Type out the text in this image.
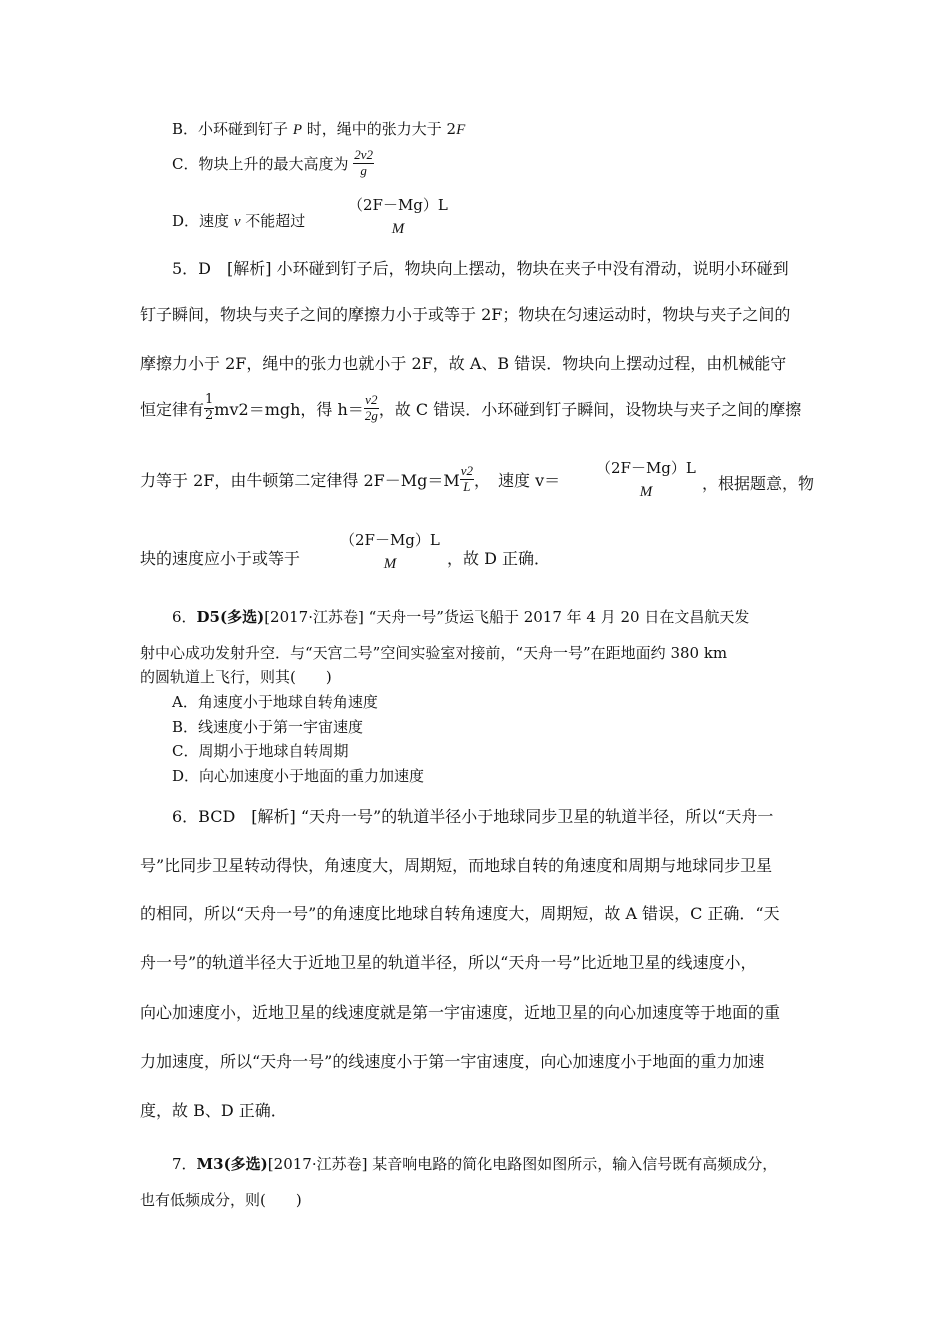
B．小环碰到钉子 P 时，绳中的张力大于 2F
C．物块上升的最大高度为 $\frac{2v2}{g}$
D．速度 v 不能超过
（2F－Mg）L
M
5．D　[解析] 小环碰到钉子后，物块向上摆动，物块在夹子中没有滑动，说明小环碰到
钉子瞬间，物块与夹子之间的摩擦力小于或等于 2F；物块在匀速运动时，物块与夹子之间的
摩擦力小于 2F，绳中的张力也就小于 2F，故 A、B 错误．物块向上摆动过程，由机械能守
恒定律有 $\frac{1}{2} mv2=mgh$，得 $h= \frac{v2}{2g}$ ，故 C 错误．小环碰到钉子瞬间，设物块与夹子之间的摩擦
力等于 2F，由牛顿第二定律得 $2F-Mg=M \frac{v2}{L}$ ，　速度 v＝
（2F－Mg）L
M	，根据题意，物
块的速度应小于或等于
（2F－Mg）L
M	，故 D 正确．
6．D5(多选)[2017·江苏卷] “天舟一号”货运飞船于 2017 年 4 月 20 日在文昌航天发
射中心成功发射升空．与“天宫二号”空间实验室对接前，“天舟一号”在距地面约 380 km
的圆轨道上飞行，则其(　　)
A．角速度小于地球自转角速度
B．线速度小于第一宇宙速度
C．周期小于地球自转周期
D．向心加速度小于地面的重力加速度
6．BCD　[解析] “天舟一号”的轨道半径小于地球同步卫星的轨道半径，所以“天舟一
号”比同步卫星转动得快，角速度大，周期短，而地球自转的角速度和周期与地球同步卫星
的相同，所以“天舟一号”的角速度比地球自转角速度大，周期短，故 A 错误，C 正确．“天
舟一号”的轨道半径大于近地卫星的轨道半径，所以“天舟一号”比近地卫星的线速度小，
向心加速度小，近地卫星的线速度就是第一宇宙速度，近地卫星的向心加速度等于地面的重
力加速度，所以“天舟一号”的线速度小于第一宇宙速度，向心加速度小于地面的重力加速
度，故 B、D 正确．
7．M3(多选)[2017·江苏卷] 某音响电路的简化电路图如图所示，输入信号既有高频成分，
也有低频成分，则(　　)
